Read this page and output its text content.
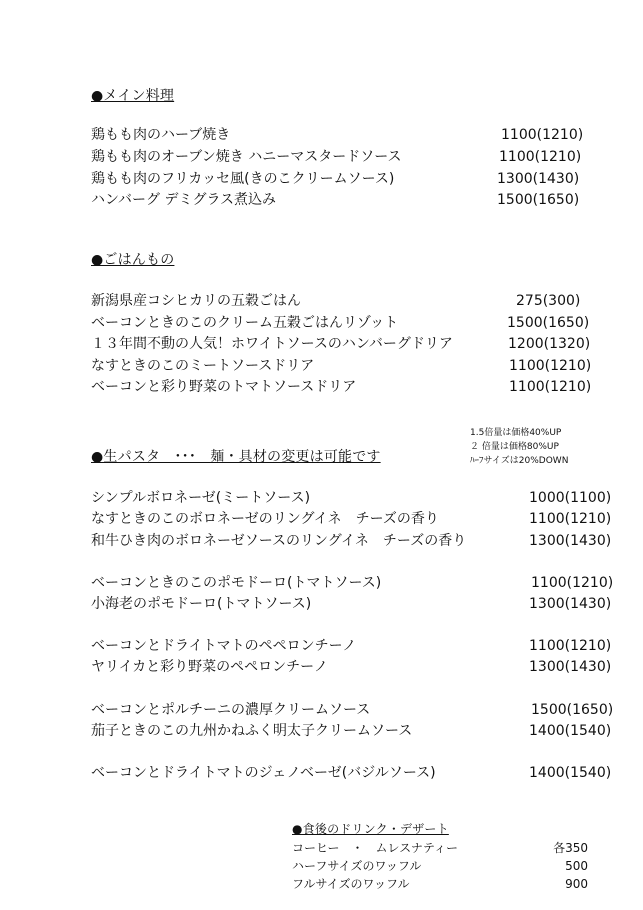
●メイン料理
鶏もも肉のハーブ焼き	1100(1210)
鶏もも肉のオーブン焼き ハニーマスタードソース	1100(1210)
鶏もも肉のフリカッセ風(きのこクリームソース)	1300(1430)
ハンバーグ デミグラス煮込み	1500(1650)
●ごはんもの
新潟県産コシヒカリの五穀ごはん	275(300)
ベーコンときのこのクリーム五穀ごはんリゾット	1500(1650)
１３年間不動の人気！ホワイトソースのハンバーグドリア	1200(1320)
なすときのこのミートソースドリア	1100(1210)
ベーコンと彩り野菜のトマトソースドリア	1100(1210)
1.5倍量は価格40%UP
２ 倍量は価格80%UP
ﾊｰﾌサイズは20%DOWN
●生パスタ　･･･　麺・具材の変更は可能です
シンプルボロネーゼ(ミートソース)	1000(1100)
なすときのこのボロネーゼのリングイネ　チーズの香り	1100(1210)
和牛ひき肉のボロネーゼソースのリングイネ　チーズの香り	1300(1430)
ベーコンときのこのポモドーロ(トマトソース)	1100(1210)
小海老のポモドーロ(トマトソース)	1300(1430)
ベーコンとドライトマトのペペロンチーノ	1100(1210)
ヤリイカと彩り野菜のペペロンチーノ	1300(1430)
ベーコンとポルチーニの濃厚クリームソース	1500(1650)
茄子ときのこの九州かねふく明太子クリームソース	1400(1540)
ベーコンとドライトマトのジェノベーゼ(バジルソース)	1400(1540)
●食後のドリンク・デザート
コーヒー　・　ムレスナティー	各350
ハーフサイズのワッフル	500
フルサイズのワッフル	900
